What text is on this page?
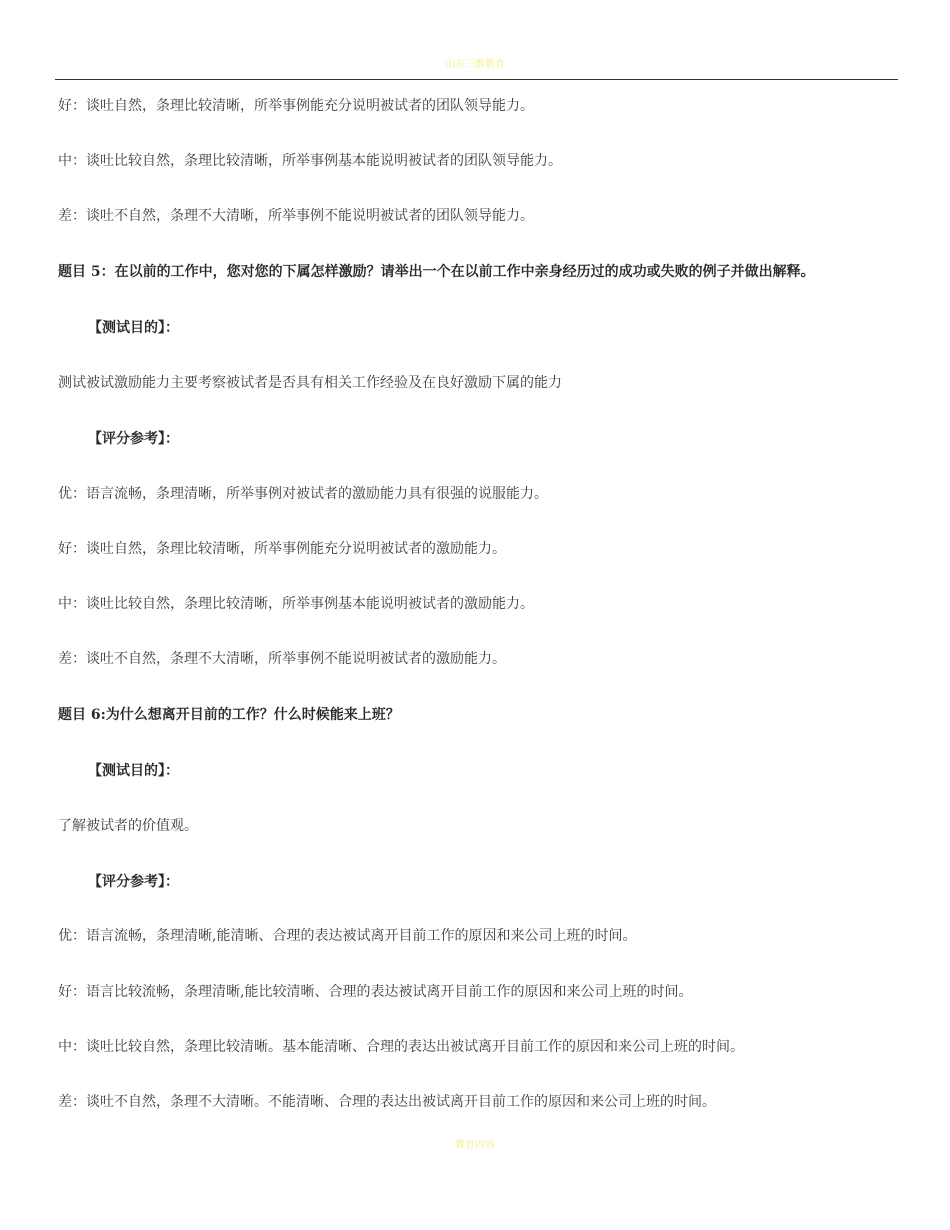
山东三维教育
好：谈吐自然，条理比较清晰，所举事例能充分说明被试者的团队领导能力。
中：谈吐比较自然，条理比较清晰，所举事例基本能说明被试者的团队领导能力。
差：谈吐不自然，条理不大清晰，所举事例不能说明被试者的团队领导能力。
题目 5：在以前的工作中，您对您的下属怎样激励？请举出一个在以前工作中亲身经历过的成功或失败的例子并做出解释。
【测试目的】：
测试被试激励能力主要考察被试者是否具有相关工作经验及在良好激励下属的能力
【评分参考】：
优：语言流畅，条理清晰，所举事例对被试者的激励能力具有很强的说服能力。
好：谈吐自然，条理比较清晰，所举事例能充分说明被试者的激励能力。
中：谈吐比较自然，条理比较清晰，所举事例基本能说明被试者的激励能力。
差：谈吐不自然，条理不大清晰，所举事例不能说明被试者的激励能力。
题目 6:为什么想离开目前的工作？什么时候能来上班？
【测试目的】：
了解被试者的价值观。
【评分参考】：
优：语言流畅，条理清晰,能清晰、合理的表达被试离开目前工作的原因和来公司上班的时间。
好：语言比较流畅，条理清晰,能比较清晰、合理的表达被试离开目前工作的原因和来公司上班的时间。
中：谈吐比较自然，条理比较清晰。基本能清晰、合理的表达出被试离开目前工作的原因和来公司上班的时间。
差：谈吐不自然，条理不大清晰。不能清晰、合理的表达出被试离开目前工作的原因和来公司上班的时间。
教育内容
